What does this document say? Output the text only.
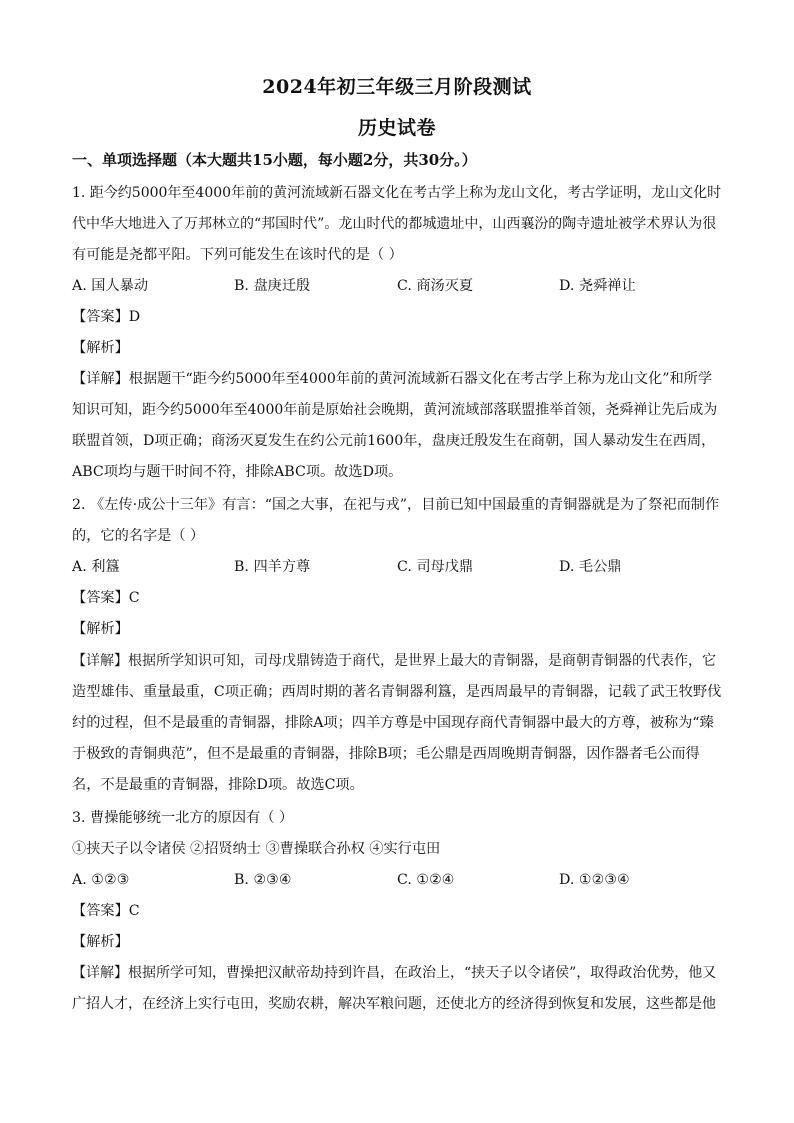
2024年初三年级三月阶段测试
历史试卷
一、单项选择题（本大题共15小题，每小题2分，共30分。）
1. 距今约5000年至4000年前的黄河流域新石器文化在考古学上称为龙山文化，考古学证明，龙山文化时
代中华大地进入了万邦林立的“邦国时代”。龙山时代的都城遗址中，山西襄汾的陶寺遗址被学术界认为很
有可能是尧都平阳。下列可能发生在该时代的是（ ）
A. 国人暴动	B. 盘庚迁殷	C. 商汤灭夏	D. 尧舜禅让
【答案】D
【解析】
【详解】根据题干“距今约5000年至4000年前的黄河流域新石器文化在考古学上称为龙山文化”和所学
知识可知，距今约5000年至4000年前是原始社会晚期，黄河流域部落联盟推举首领，尧舜禅让先后成为
联盟首领，D项正确；商汤灭夏发生在约公元前1600年，盘庚迁殷发生在商朝，国人暴动发生在西周，
ABC项均与题干时间不符，排除ABC项。故选D项。
2. 《左传·成公十三年》有言：“国之大事，在祀与戎”，目前已知中国最重的青铜器就是为了祭祀而制作
的，它的名字是（ ）
A. 利簋	B. 四羊方尊	C. 司母戊鼎	D. 毛公鼎
【答案】C
【解析】
【详解】根据所学知识可知，司母戊鼎铸造于商代，是世界上最大的青铜器，是商朝青铜器的代表作，它
造型雄伟、重量最重，C项正确；西周时期的著名青铜器利簋，是西周最早的青铜器，记载了武王牧野伐
纣的过程，但不是最重的青铜器，排除A项；四羊方尊是中国现存商代青铜器中最大的方尊，被称为“臻
于极致的青铜典范”，但不是最重的青铜器，排除B项；毛公鼎是西周晚期青铜器，因作器者毛公而得
名，不是最重的青铜器，排除D项。故选C项。
3. 曹操能够统一北方的原因有（ ）
①挟天子以令诸侯 ②招贤纳士 ③曹操联合孙权 ④实行屯田
A. ①②③	B. ②③④	C. ①②④	D. ①②③④
【答案】C
【解析】
【详解】根据所学可知，曹操把汉献帝劫持到许昌，在政治上，“挟天子以令诸侯”，取得政治优势，他又
广招人才，在经济上实行屯田，奖励农耕，解决军粮问题，还使北方的经济得到恢复和发展，这些都是他
